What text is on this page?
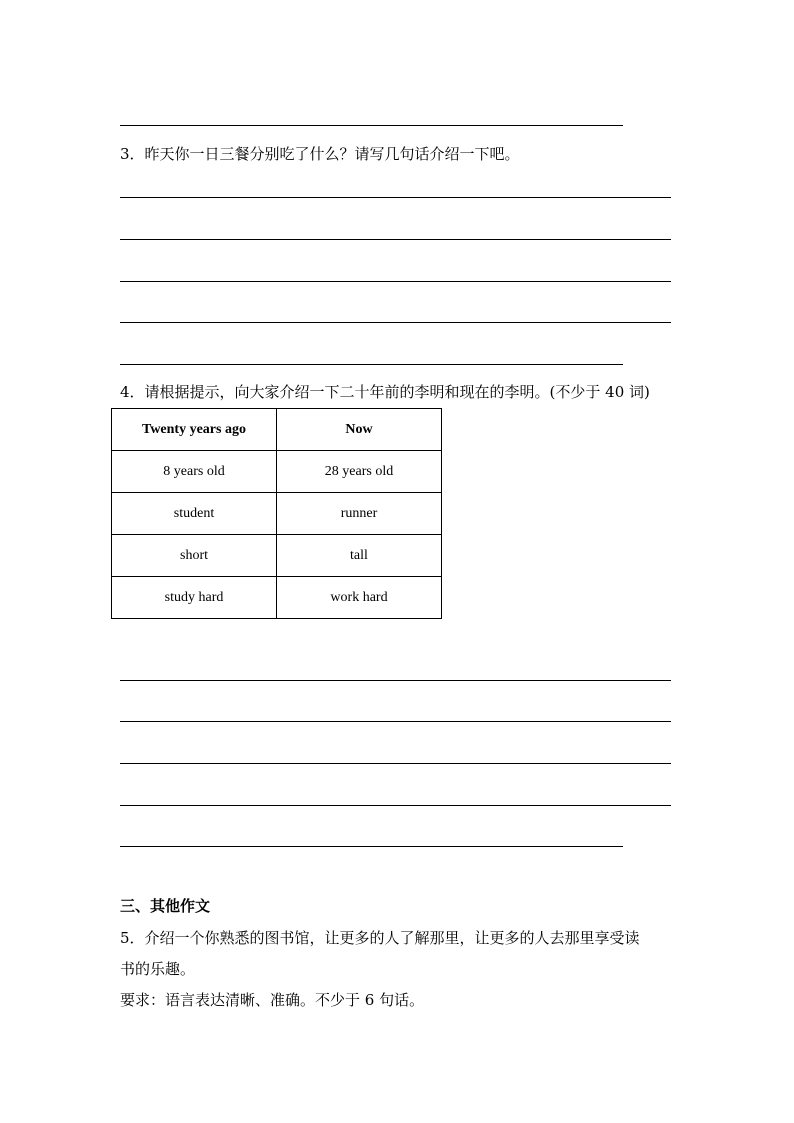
3．昨天你一日三餐分别吃了什么？请写几句话介绍一下吧。
4．请根据提示，向大家介绍一下二十年前的李明和现在的李明。(不少于 40 词)
Twenty years ago	Now
8 years old	28 years old
student	runner
short	tall
study hard	work hard
三、其他作文
5．介绍一个你熟悉的图书馆，让更多的人了解那里，让更多的人去那里享受读
书的乐趣。
要求：语言表达清晰、准确。不少于 6 句话。
